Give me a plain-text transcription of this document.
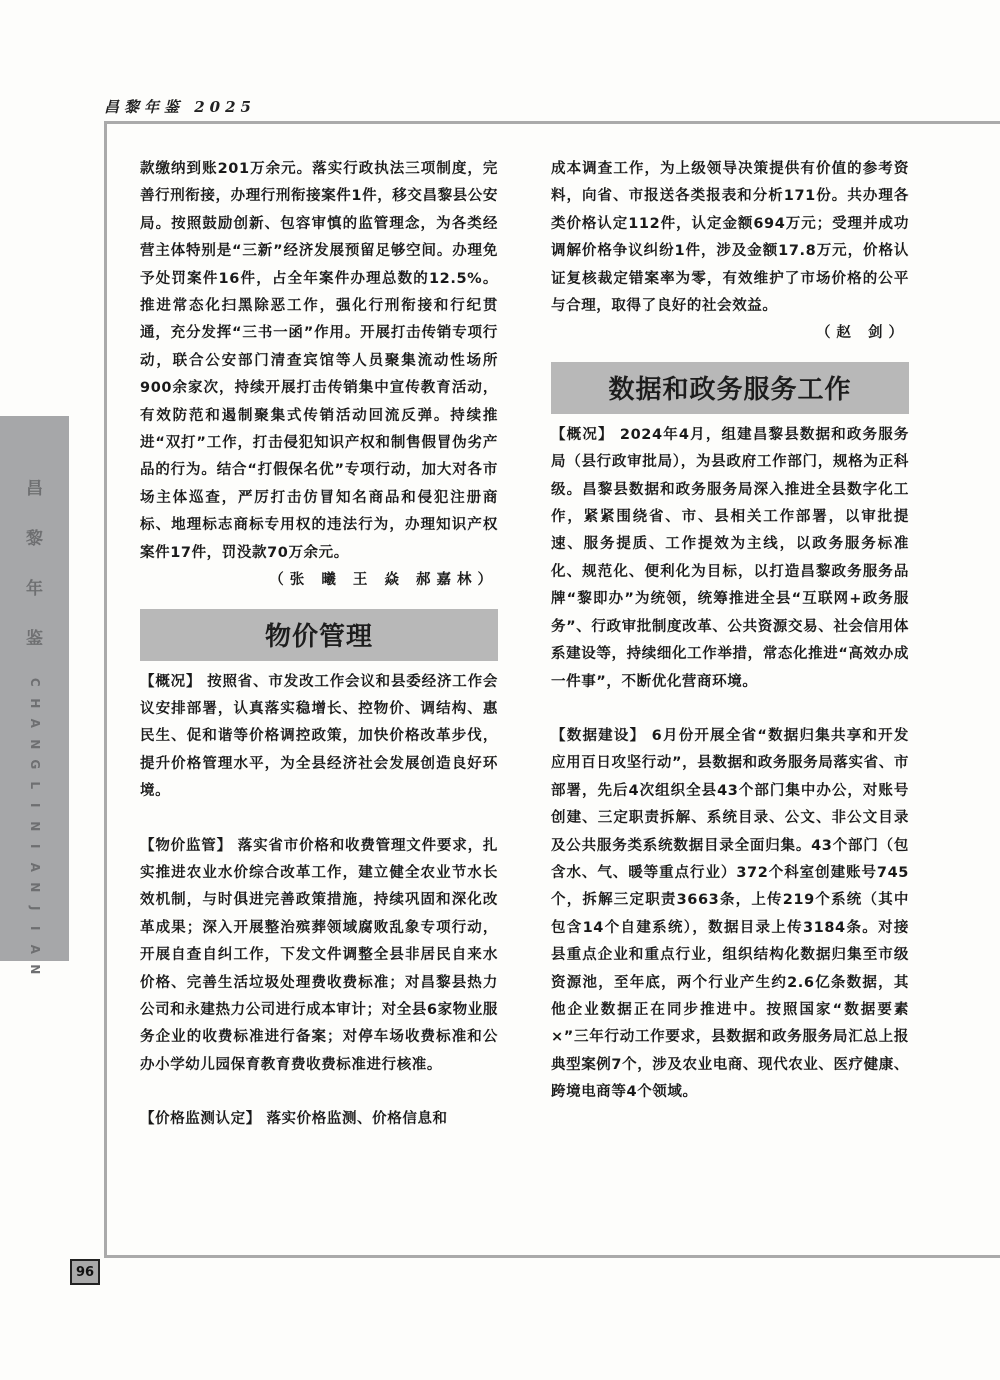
昌黎年鉴 2025
昌
黎
年
鉴
C
H
A
N
G
L
I
N
I
A
N
J
I
A
N

款缴纳到账201万余元。落实行政执法三项制度，完善行刑衔接，办理行刑衔接案件1件，移交昌黎县公安局。按照鼓励创新、包容审慎的监管理念，为各类经营主体特别是“三新”经济发展预留足够空间。办理免予处罚案件16件，占全年案件办理总数的12.5%。推进常态化扫黑除恶工作，强化行刑衔接和行纪贯通，充分发挥“三书一函”作用。开展打击传销专项行动，联合公安部门清查宾馆等人员聚集流动性场所900余家次，持续开展打击传销集中宣传教育活动，有效防范和遏制聚集式传销活动回流反弹。持续推进“双打”工作，打击侵犯知识产权和制售假冒伪劣产品的行为。结合“打假保名优”专项行动，加大对各市场主体巡查，严厉打击仿冒知名商品和侵犯注册商标、地理标志商标专用权的违法行为，办理知识产权案件17件，罚没款70万余元。

（张 曦 王 焱 郝嘉林）

物价管理

【概况】 按照省、市发改工作会议和县委经济工作会议安排部署，认真落实稳增长、控物价、调结构、惠民生、促和谐等价格调控政策，加快价格改革步伐，提升价格管理水平，为全县经济社会发展创造良好环境。

【物价监管】 落实省市价格和收费管理文件要求，扎实推进农业水价综合改革工作，建立健全农业节水长效机制，与时俱进完善政策措施，持续巩固和深化改革成果；深入开展整治殡葬领域腐败乱象专项行动，开展自查自纠工作，下发文件调整全县非居民自来水价格、完善生活垃圾处理费收费标准；对昌黎县热力公司和永建热力公司进行成本审计；对全县6家物业服务企业的收费标准进行备案；对停车场收费标准和公办小学幼儿园保育教育费收费标准进行核准。

【价格监测认定】 落实价格监测、价格信息和

成本调查工作，为上级领导决策提供有价值的参考资料，向省、市报送各类报表和分析171份。共办理各类价格认定112件，认定金额694万元；受理并成功调解价格争议纠纷1件，涉及金额17.8万元，价格认证复核裁定错案率为零，有效维护了市场价格的公平与合理，取得了良好的社会效益。

（赵 剑）

数据和政务服务工作

【概况】 2024年4月，组建昌黎县数据和政务服务局（县行政审批局），为县政府工作部门，规格为正科级。昌黎县数据和政务服务局深入推进全县数字化工作，紧紧围绕省、市、县相关工作部署，以审批提速、服务提质、工作提效为主线，以政务服务标准化、规范化、便利化为目标，以打造昌黎政务服务品牌“黎即办”为统领，统筹推进全县“互联网+政务服务”、行政审批制度改革、公共资源交易、社会信用体系建设等，持续细化工作举措，常态化推进“高效办成一件事”，不断优化营商环境。

【数据建设】 6月份开展全省“数据归集共享和开发应用百日攻坚行动”，县数据和政务服务局落实省、市部署，先后4次组织全县43个部门集中办公，对账号创建、三定职责拆解、系统目录、公文、非公文目录及公共服务类系统数据目录全面归集。43个部门（包含水、气、暖等重点行业）372个科室创建账号745个，拆解三定职责3663条，上传219个系统（其中包含14个自建系统），数据目录上传3184条。对接县重点企业和重点行业，组织结构化数据归集至市级资源池，至年底，两个行业产生约2.6亿条数据，其他企业数据正在同步推进中。按照国家“数据要素×”三年行动工作要求，县数据和政务服务局汇总上报典型案例7个，涉及农业电商、现代农业、医疗健康、跨境电商等4个领域。

96
